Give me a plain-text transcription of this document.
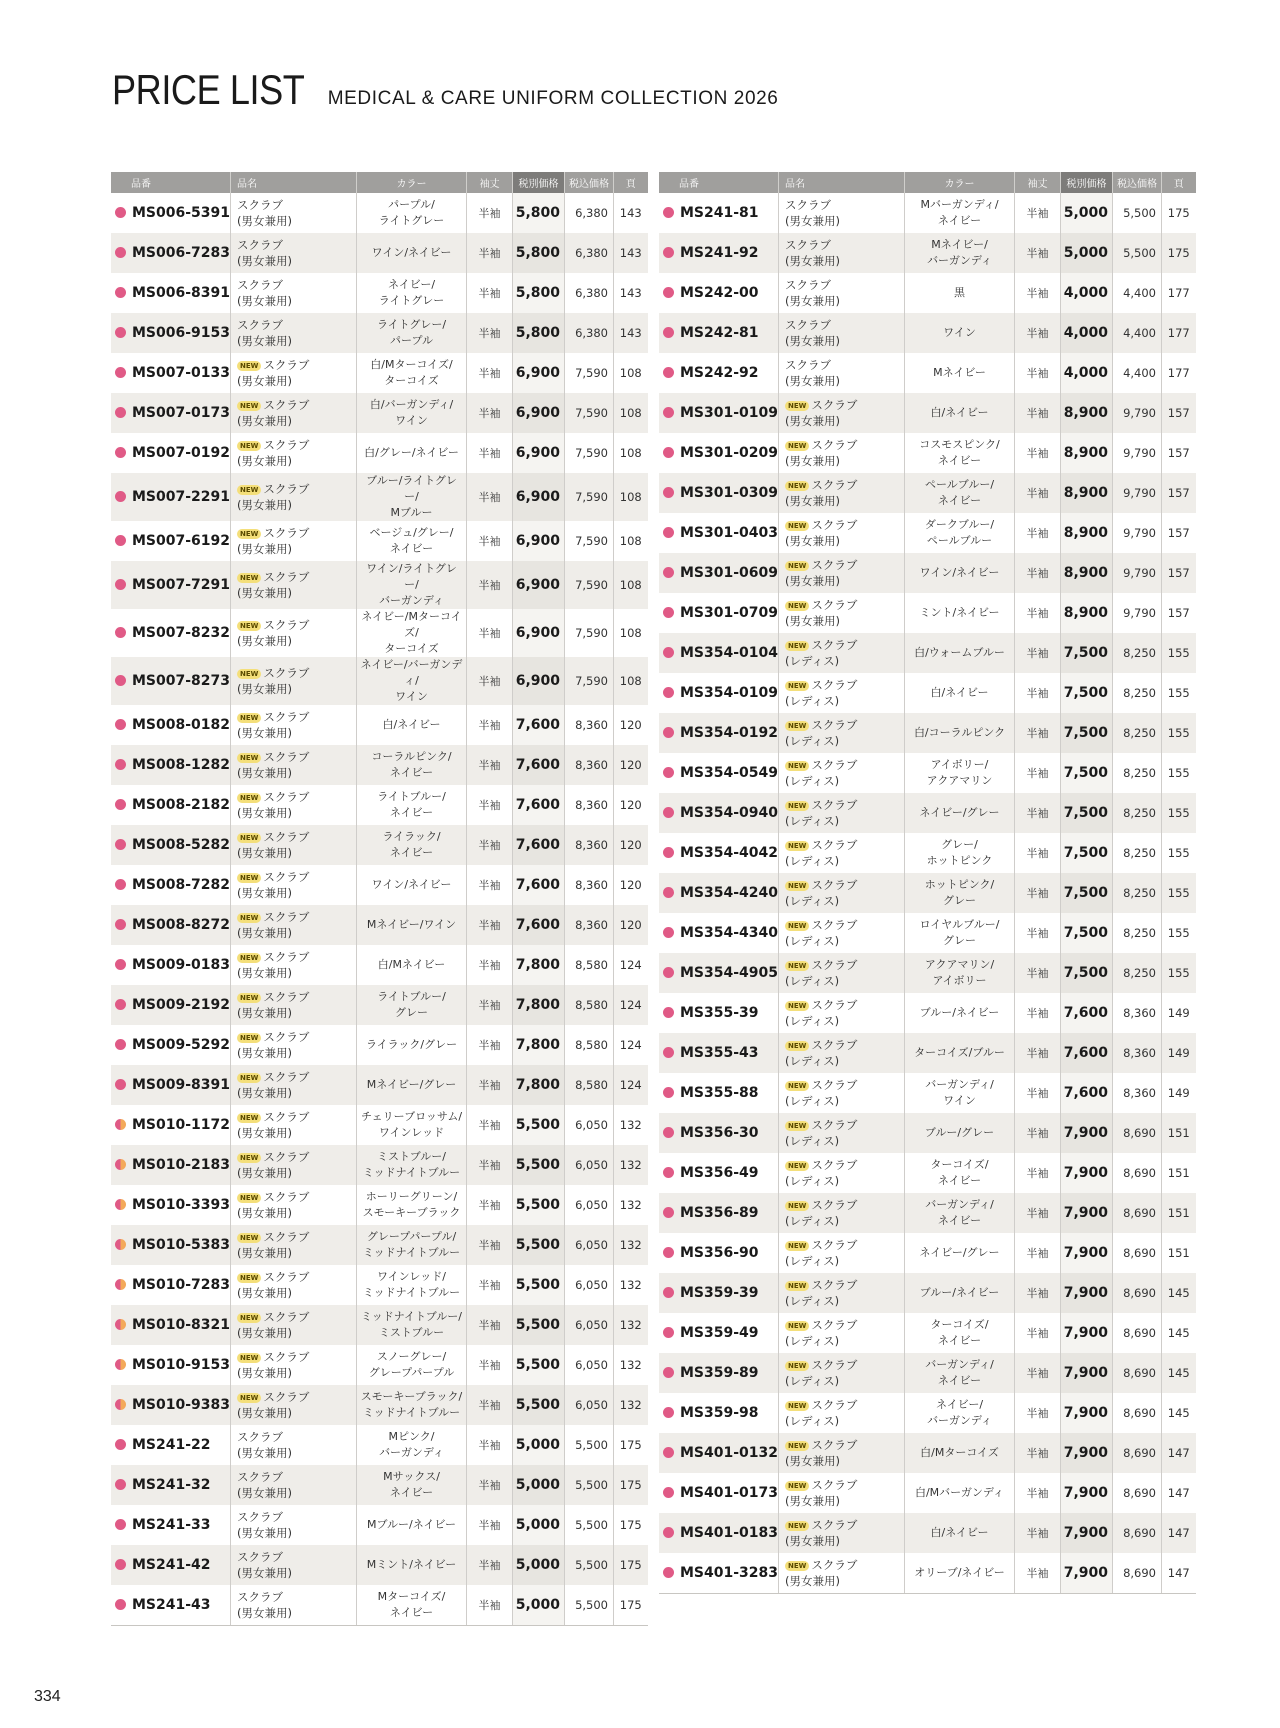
PRICE LIST MEDICAL & CARE UNIFORM COLLECTION 2026
品番	品名	カラー	袖丈	税別価格	税込価格	頁
MS006-5391	スクラブ
(男女兼用)	パープル/
ライトグレー	半袖	5,800	6,380	143
MS006-7283	スクラブ
(男女兼用)	ワイン/ネイビー	半袖	5,800	6,380	143
MS006-8391	スクラブ
(男女兼用)	ネイビー/
ライトグレー	半袖	5,800	6,380	143
MS006-9153	スクラブ
(男女兼用)	ライトグレー/
パープル	半袖	5,800	6,380	143
MS007-0133	NEW スクラブ
(男女兼用)	白/Mターコイズ/
ターコイズ	半袖	6,900	7,590	108
MS007-0173	NEW スクラブ
(男女兼用)	白/バーガンディ/
ワイン	半袖	6,900	7,590	108
MS007-0192	NEW スクラブ
(男女兼用)	白/グレー/ネイビー	半袖	6,900	7,590	108
MS007-2291	NEW スクラブ
(男女兼用)	ブルー/ライトグレー/
Mブルー	半袖	6,900	7,590	108
MS007-6192	NEW スクラブ
(男女兼用)	ベージュ/グレー/
ネイビー	半袖	6,900	7,590	108
MS007-7291	NEW スクラブ
(男女兼用)	ワイン/ライトグレー/
バーガンディ	半袖	6,900	7,590	108
MS007-8232	NEW スクラブ
(男女兼用)	ネイビー/Mターコイズ/
ターコイズ	半袖	6,900	7,590	108
MS007-8273	NEW スクラブ
(男女兼用)	ネイビー/バーガンディ/
ワイン	半袖	6,900	7,590	108
MS008-0182	NEW スクラブ
(男女兼用)	白/ネイビー	半袖	7,600	8,360	120
MS008-1282	NEW スクラブ
(男女兼用)	コーラルピンク/
ネイビー	半袖	7,600	8,360	120
MS008-2182	NEW スクラブ
(男女兼用)	ライトブルー/
ネイビー	半袖	7,600	8,360	120
MS008-5282	NEW スクラブ
(男女兼用)	ライラック/
ネイビー	半袖	7,600	8,360	120
MS008-7282	NEW スクラブ
(男女兼用)	ワイン/ネイビー	半袖	7,600	8,360	120
MS008-8272	NEW スクラブ
(男女兼用)	Mネイビー/ワイン	半袖	7,600	8,360	120
MS009-0183	NEW スクラブ
(男女兼用)	白/Mネイビー	半袖	7,800	8,580	124
MS009-2192	NEW スクラブ
(男女兼用)	ライトブルー/
グレー	半袖	7,800	8,580	124
MS009-5292	NEW スクラブ
(男女兼用)	ライラック/グレー	半袖	7,800	8,580	124
MS009-8391	NEW スクラブ
(男女兼用)	Mネイビー/グレー	半袖	7,800	8,580	124
MS010-1172	NEW スクラブ
(男女兼用)	チェリーブロッサム/
ワインレッド	半袖	5,500	6,050	132
MS010-2183	NEW スクラブ
(男女兼用)	ミストブルー/
ミッドナイトブルー	半袖	5,500	6,050	132
MS010-3393	NEW スクラブ
(男女兼用)	ホーリーグリーン/
スモーキーブラック	半袖	5,500	6,050	132
MS010-5383	NEW スクラブ
(男女兼用)	グレープパープル/
ミッドナイトブルー	半袖	5,500	6,050	132
MS010-7283	NEW スクラブ
(男女兼用)	ワインレッド/
ミッドナイトブルー	半袖	5,500	6,050	132
MS010-8321	NEW スクラブ
(男女兼用)	ミッドナイトブルー/
ミストブルー	半袖	5,500	6,050	132
MS010-9153	NEW スクラブ
(男女兼用)	スノーグレー/
グレープパープル	半袖	5,500	6,050	132
MS010-9383	NEW スクラブ
(男女兼用)	スモーキーブラック/
ミッドナイトブルー	半袖	5,500	6,050	132
MS241-22	スクラブ
(男女兼用)	Mピンク/
バーガンディ	半袖	5,000	5,500	175
MS241-32	スクラブ
(男女兼用)	Mサックス/
ネイビー	半袖	5,000	5,500	175
MS241-33	スクラブ
(男女兼用)	Mブルー/ネイビー	半袖	5,000	5,500	175
MS241-42	スクラブ
(男女兼用)	Mミント/ネイビー	半袖	5,000	5,500	175
MS241-43	スクラブ
(男女兼用)	Mターコイズ/
ネイビー	半袖	5,000	5,500	175
品番	品名	カラー	袖丈	税別価格	税込価格	頁
MS241-81	スクラブ
(男女兼用)	Mバーガンディ/
ネイビー	半袖	5,000	5,500	175
MS241-92	スクラブ
(男女兼用)	Mネイビー/
バーガンディ	半袖	5,000	5,500	175
MS242-00	スクラブ
(男女兼用)	黒	半袖	4,000	4,400	177
MS242-81	スクラブ
(男女兼用)	ワイン	半袖	4,000	4,400	177
MS242-92	スクラブ
(男女兼用)	Mネイビー	半袖	4,000	4,400	177
MS301-0109	NEW スクラブ
(男女兼用)	白/ネイビー	半袖	8,900	9,790	157
MS301-0209	NEW スクラブ
(男女兼用)	コスモスピンク/
ネイビー	半袖	8,900	9,790	157
MS301-0309	NEW スクラブ
(男女兼用)	ペールブルー/
ネイビー	半袖	8,900	9,790	157
MS301-0403	NEW スクラブ
(男女兼用)	ダークブルー/
ペールブルー	半袖	8,900	9,790	157
MS301-0609	NEW スクラブ
(男女兼用)	ワイン/ネイビー	半袖	8,900	9,790	157
MS301-0709	NEW スクラブ
(男女兼用)	ミント/ネイビー	半袖	8,900	9,790	157
MS354-0104	NEW スクラブ
(レディス)	白/ウォームブルー	半袖	7,500	8,250	155
MS354-0109	NEW スクラブ
(レディス)	白/ネイビー	半袖	7,500	8,250	155
MS354-0192	NEW スクラブ
(レディス)	白/コーラルピンク	半袖	7,500	8,250	155
MS354-0549	NEW スクラブ
(レディス)	アイボリー/
アクアマリン	半袖	7,500	8,250	155
MS354-0940	NEW スクラブ
(レディス)	ネイビー/グレー	半袖	7,500	8,250	155
MS354-4042	NEW スクラブ
(レディス)	グレー/
ホットピンク	半袖	7,500	8,250	155
MS354-4240	NEW スクラブ
(レディス)	ホットピンク/
グレー	半袖	7,500	8,250	155
MS354-4340	NEW スクラブ
(レディス)	ロイヤルブルー/
グレー	半袖	7,500	8,250	155
MS354-4905	NEW スクラブ
(レディス)	アクアマリン/
アイボリー	半袖	7,500	8,250	155
MS355-39	NEW スクラブ
(レディス)	ブルー/ネイビー	半袖	7,600	8,360	149
MS355-43	NEW スクラブ
(レディス)	ターコイズ/ブルー	半袖	7,600	8,360	149
MS355-88	NEW スクラブ
(レディス)	バーガンディ/
ワイン	半袖	7,600	8,360	149
MS356-30	NEW スクラブ
(レディス)	ブルー/グレー	半袖	7,900	8,690	151
MS356-49	NEW スクラブ
(レディス)	ターコイズ/
ネイビー	半袖	7,900	8,690	151
MS356-89	NEW スクラブ
(レディス)	バーガンディ/
ネイビー	半袖	7,900	8,690	151
MS356-90	NEW スクラブ
(レディス)	ネイビー/グレー	半袖	7,900	8,690	151
MS359-39	NEW スクラブ
(レディス)	ブルー/ネイビー	半袖	7,900	8,690	145
MS359-49	NEW スクラブ
(レディス)	ターコイズ/
ネイビー	半袖	7,900	8,690	145
MS359-89	NEW スクラブ
(レディス)	バーガンディ/
ネイビー	半袖	7,900	8,690	145
MS359-98	NEW スクラブ
(レディス)	ネイビー/
バーガンディ	半袖	7,900	8,690	145
MS401-0132	NEW スクラブ
(男女兼用)	白/Mターコイズ	半袖	7,900	8,690	147
MS401-0173	NEW スクラブ
(男女兼用)	白/Mバーガンディ	半袖	7,900	8,690	147
MS401-0183	NEW スクラブ
(男女兼用)	白/ネイビー	半袖	7,900	8,690	147
MS401-3283	NEW スクラブ
(男女兼用)	オリーブ/ネイビー	半袖	7,900	8,690	147
334
